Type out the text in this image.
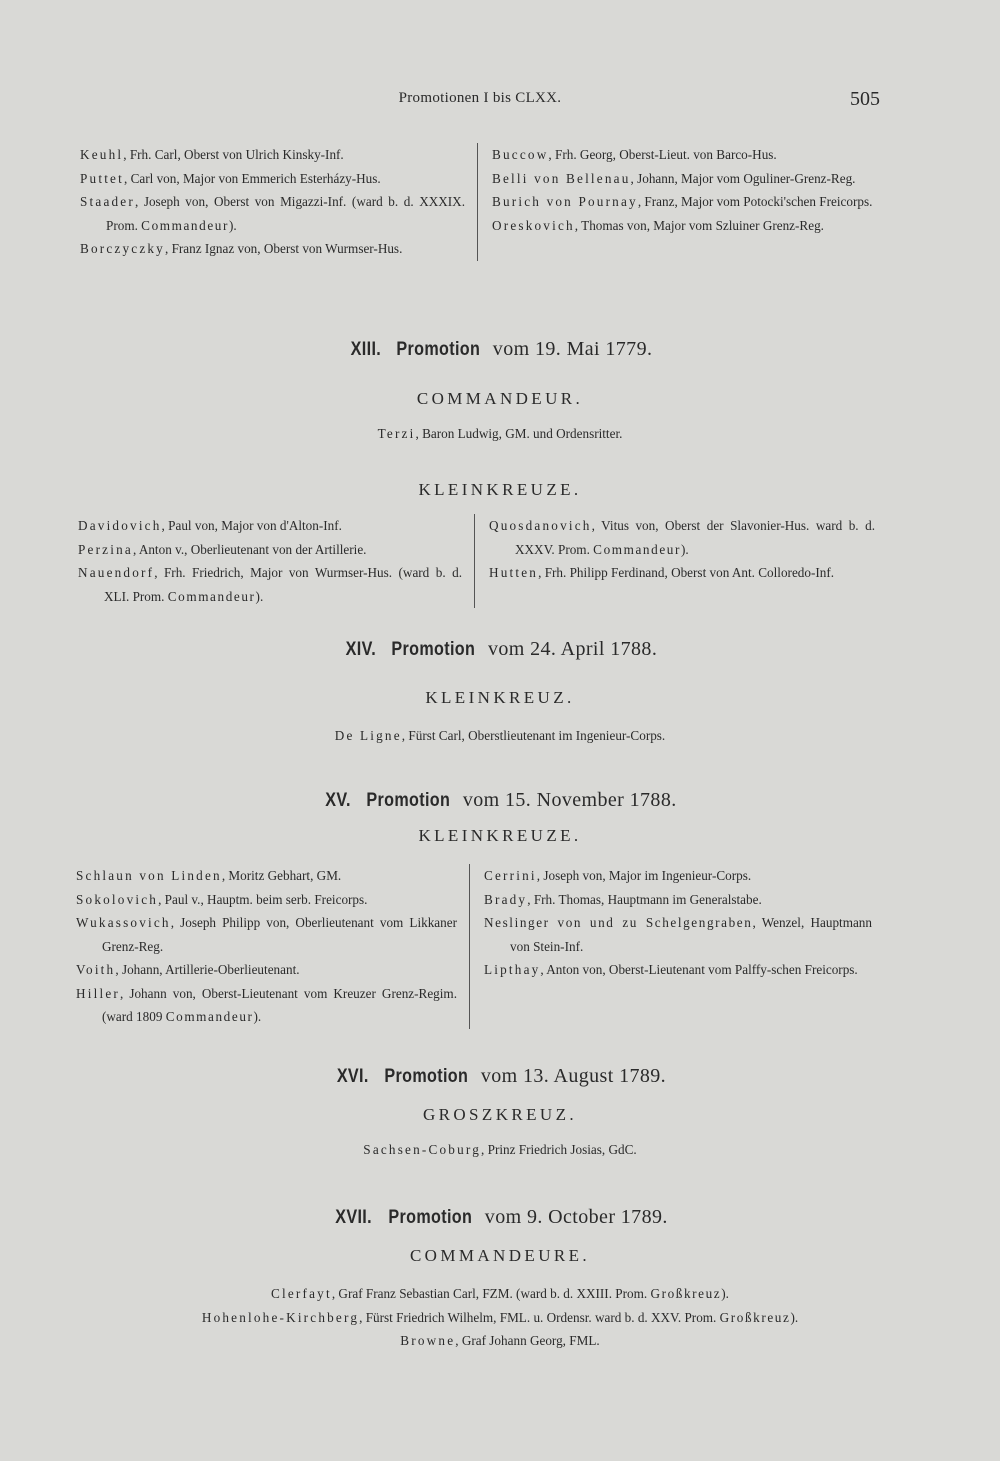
Promotionen I bis CLXX.	505
Keuhl, Frh. Carl, Oberst von Ulrich Kinsky-Inf.
Puttet, Carl von, Major von Emmerich Esterházy-Hus.
Staader, Joseph von, Oberst von Migazzi-Inf. (ward b. d. XXXIX. Prom. Commandeur).
Borczyczky, Franz Ignaz von, Oberst von Wurmser-Hus.
Buccow, Frh. Georg, Oberst-Lieut. von Barco-Hus.
Belli von Bellenau, Johann, Major vom Oguliner-Grenz-Reg.
Burich von Pournay, Franz, Major vom Potocki'schen Freicorps.
Oreskovich, Thomas von, Major vom Szluiner Grenz-Reg.
XIII. Promotion vom 19. Mai 1779.
COMMANDEUR.
Terzi, Baron Ludwig, GM. und Ordensritter.
KLEINKREUZE.
Davidovich, Paul von, Major von d'Alton-Inf.
Perzina, Anton v., Oberlieutenant von der Artillerie.
Nauendorf, Frh. Friedrich, Major von Wurmser-Hus. (ward b. d. XLI. Prom. Commandeur).
Quosdanovich, Vitus von, Oberst der Slavonier-Hus. ward b. d. XXXV. Prom. Commandeur).
Hutten, Frh. Philipp Ferdinand, Oberst von Ant. Colloredo-Inf.
XIV. Promotion vom 24. April 1788.
KLEINKREUZ.
De Ligne, Fürst Carl, Oberstlieutenant im Ingenieur-Corps.
XV. Promotion vom 15. November 1788.
KLEINKREUZE.
Schlaun von Linden, Moritz Gebhart, GM.
Sokolovich, Paul v., Hauptm. beim serb. Freicorps.
Wukassovich, Joseph Philipp von, Oberlieutenant vom Likkaner Grenz-Reg.
Voith, Johann, Artillerie-Oberlieutenant.
Hiller, Johann von, Oberst-Lieutenant vom Kreuzer Grenz-Regim. (ward 1809 Commandeur).
Cerrini, Joseph von, Major im Ingenieur-Corps.
Brady, Frh. Thomas, Hauptmann im Generalstabe.
Neslinger von und zu Schelgengraben, Wenzel, Hauptmann von Stein-Inf.
Lipthay, Anton von, Oberst-Lieutenant vom Palffy-schen Freicorps.
XVI. Promotion vom 13. August 1789.
GROSZKREUZ.
Sachsen-Coburg, Prinz Friedrich Josias, GdC.
XVII. Promotion vom 9. October 1789.
COMMANDEURE.
Clerfayt, Graf Franz Sebastian Carl, FZM. (ward b. d. XXIII. Prom. Großkreuz).
Hohenlohe-Kirchberg, Fürst Friedrich Wilhelm, FML. u. Ordensr. ward b. d. XXV. Prom. Großkreuz).
Browne, Graf Johann Georg, FML.
